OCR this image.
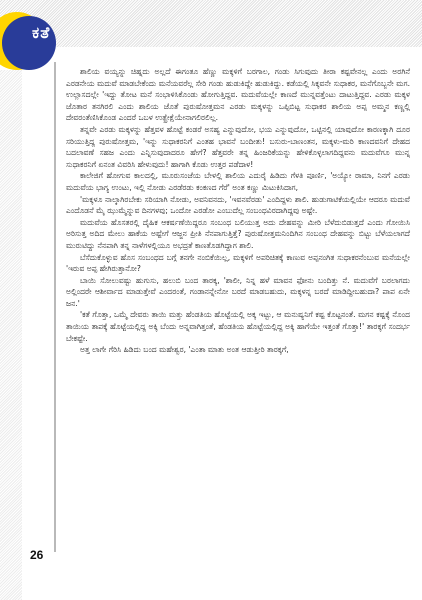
ಕತೆ

ಶಾಲಿಯ ವಯ್ಯನ್ನು ಚಿಹ್ನದು ಅಲ್ಲದೆ ಈಗಂತೂ ಹೆಣ್ಣು ಮಕ್ಕಳಿಗೆ ಬರಗಾಲ, ಗಂಡು ಸಿಗುವುದು ತೀರಾ ಕಷ್ಟವೇನಲ್ಲ ಎಂದು ಅರಗಿನೆ ಎರಡನೇಯ ಮದುವೆ ಮಾಡಬೇಕೆಂದು ಮನೆಯವರೆಲ್ಲ ಸೇರಿ ಗಂಡು ಹುಡುಕಿದ್ದೇ ಹುಡುಕಿದ್ದು. ಕಡೆಯಲ್ಲಿ ಸಿಕ್ಕವನೇ ಸುಧಾಕರ, ಮನೆಗೊಬ್ಬನೇ ಮಗ. ಉಲ್ಲಾಸದಲ್ಲೇ 'ಇದ್ದು ತೋಟ ಮನೆ ಸಂಭಾಳಿಸಿಕೊಂಡು ಹೋಗುತ್ತಿದ್ದವ. ಮದುವೆಯಲ್ಲೇ ಕಾಣದೆ ಮುನ್ನವತ್ತೆಂಟು ದಾಟುತ್ತಿದ್ದವ. ಎರಡು ಮಕ್ಕಳ ಜೊತಾರ ತನಗಿರಲಿ ಎಂದು ಶಾಲಿಯ ಜೊತೆ ಪುರುಷೋತ್ತಮನ ಎರಡು ಮಕ್ಕಳನ್ನು ಒಪ್ಪಿಬಿಟ್ಟ ಸುಧಾಕರ ಶಾಲಿಯ ಅಪ್ಪ ಅಮ್ಮನ ಕಣ್ಣಲ್ಲಿ ದೇವರಂತೆಣಿಸಿಕೊಂಡ ಎಂದರೆ ಒಬಳ ಉತ್ಪ್ರೇಕ್ಷೆಯೇನಾಗಲಿರಲಿಲ್ಲ.

ತನ್ನವೇ ಎರಡು ಮಕ್ಕಳನ್ನು ಹೆತ್ತವಳ ಹೊಟ್ಟೆ ಕಂಡರೆ ಅಸಹ್ಯ ಎನ್ನುವುದೋ, ಭಯ ಎನ್ನುವುದೋ, ಒಟ್ಟಿನಲ್ಲಿ ಯಾವುದೋ ಕಾರಣಕ್ಕಾಗಿ ದೂರ ಸರಿಯುತ್ತಿದ್ದ ಪುರುಷೋತ್ತಮ, 'ಇನ್ನು ಸುಧಾಕರನಿಗೆ ಎಂತಹ ಭಾವನೆ ಬಂದೀತು! ಬಸುರು-ಬಾಣಂತನ, ಮಕ್ಕಳು-ಮರಿ ಕಾಣದವನಿಗೆ ದೇಹದ ಬದಲಾವಣೆ ಸಹಜ ಎಂದು ಎನ್ನಿಸುವುದಾದರೂ ಹೇಗೆ? ಹೆತ್ತವರೇ ತನ್ನ ಹಿಂಜರಿಕೆಯನ್ನು ಹೇಳಿಕೊಳ್ಳಲಾಗದಿದ್ದವನು ಮದುವೆಗೂ ಮುನ್ನ ಸುಧಾಕರನಿಗೆ ಏನಂತ ವಿವರಿಸಿ ಹೇಳುವುದು! ಹಾಗಾಗಿ ಕೊಡು ಉತ್ತರ ಪಡೆದಾಳ!

ಕಾಲೇಜಿಗೆ ಹೋಗುವ ಕಾಲದಲ್ಲಿ, ಮೂರುಸಂಜೆಯ ಬೇಳಲ್ಲಿ ಶಾಲಿಯ ಎದುರೈ ಹಿಡಿದು ಗೆಳತಿ ಪೂರ್ಣಿ, 'ಅಯ್ಯೋ ರಾಮಾ, ನಿನಗೆ ಎರಡು ಮದುವೆಯ ಭಾಗ್ಯ ಉಂಟು, ಇಲ್ಲಿ ನೋಡು ಎರಡೆರಡು ಕಂಕಣದ ಗೆರೆ' ಅಂತ ಕಣ್ಣು ಮಿಟುಕಿಸಿದಾಗ,

'ಮಕ್ಕಳೂ ನಾಲ್ಕಾಗಿರಬೇಕು ಸರಿಯಾಗಿ ನೋಡು, ಅವನಿವನದು, 'ಇವನವೆರಡು' ಎಂದಿದ್ದಳು ಶಾಲಿ. ಹುಡುಗಾಟಿಕೆಯಲ್ಲಿಯೇ ಆದರೂ ಮದುವೆ ಎಂದೊಡನೆ ಮೈ ಝುಮ್ಮೆನ್ನುವ ದಿನಗಳವು; ಒಂದೋ ಎರಡೋ ಎಂಬುದೆಲ್ಲ ಸಂಬಂಧವಿರದಾಗಿದ್ದವು ಅಷ್ಟೇ.

ಮದುವೆಯ ಹೊಸತರಲ್ಲಿ ದೈಹಿಕ ಆಕರ್ಷಣೆಯಿದ್ದರೂ ಸಂಬಂಧ ಬಲಿಯುತ್ತ ಅದು ದೇಹವನ್ನು ಮೀರಿ ಬೆಳೆದುಬಿಡುತ್ತದೆ ಎಂದು ಗೋಯಿಸಿ ಅರಿಸುತ್ತ ಅದಿದ ಮೇಲು ಹಾಕೆಯ ಅಷ್ಟೇಗೆ ಆಜ್ಜನ ಪ್ರೀತಿ ನೆನಪಾಗುತ್ತಿತ್ತೆ? ಪುರುಷೋತ್ತಮನಿಂದಿಗಿನ ಸಂಬಂಧ ದೇಹವನ್ನು ಬಿಟ್ಟು ಬೆಳೆಯಲಾಗದೆ ಮುರುಟಿದ್ದು ನೆನಪಾಗಿ ತನ್ನ ನಾಳೆಗಳಲ್ಲಿಯೂ ಅಭದ್ರತೆ ಕಾಣತೊಡಗಿದ್ದಾಗ ಶಾಲಿ.

ಬೆಸೆದುಕೊಳ್ಳುವ ಹೊಸ ಸಂಬಂಧದ ಬಗ್ಗೆ ತನಗೇ ನಂಬಿಕೆಯಿಲ್ಲ, ಮಕ್ಕಳಿಗೆ ಅಪರಿಚಿತಕ್ಕೆ ಕಾಣುವ ಅಪ್ಪನಂಗಿತ ಸುಧಾಕರನೆಂಬುವ ಮನೆಯಲ್ಲೇ 'ಇರುವ ಅಪ್ಪ ಹೇಗಿರುತ್ತಾನೋ?

ಬಾಯಿ ಸೋಲುವಷ್ಟು ಹುಗುಸು, ಹಲುಬಿ ಬಂದ ತಾರಕ್ಕ, 'ಶಾಲೀ, ನಿನ್ನ ಹಳೆ ಮಾವನ ಫೋನು ಬಂದಿತ್ತು ನೆ. ಮದುವೆಗೆ ಬರಲಾಗದು ಅಲ್ಲಿಂದರೇ ಆಶೀರ್ವಾದ ಮಾಡುತ್ತೇವೆ ಎಂದರಂತೆ, ಗಂಡಾನನ್ನೇನೋ ಬರದೆ ಮಾಡಬಹುದು, ಮಕ್ಕಳನ್ನ ಬರದೆ ಮಾಡಿದ್ದೀಬಹುದಾ? ಪಾಪ ಏನೇ ಜನ.'

'ಕತೆ ಗೊತ್ತಾ, ಒಮ್ಮೆ ದೇವರು ತಾಯಿ ಮತ್ತು ಹೆಂಡತಿಯ ಹೊಟ್ಟೆಯಲ್ಲಿ ಅಕ್ಕ ಇಟ್ಟು, ಆ ಮನುಷ್ಯನಿಗೆ ಕಷ್ಟ ಕೊಟ್ಟನಂತೆ. ಮಗನ ಕಷ್ಟಕ್ಕೆ ನೊಂದ ತಾಯಿಯ ತಾಪಕ್ಕೆ ಹೊಟ್ಟೆಯಲ್ಲಿದ್ದ ಅಕ್ಕಿ ಬೆಂದು ಅನ್ನವಾಗಿತ್ತಂತೆ, ಹೆಂಡತಿಯ ಹೊಟ್ಟೆಯಲ್ಲಿದ್ದ ಅಕ್ಕಿ ಹಾಗೆಯೇ ಇತ್ತಂತೆ ಗೊತ್ತಾ!' ತಾರಕ್ಕಗೆ ಸಂದರ್ಭ ಬೇಕಷ್ಟೇ.

ಅತ್ತ ಲಾಗೇ ಗೆರಿಸಿ ಹಿಡಿದು ಬಂದ ಮಹೇಶ್ವರ, 'ಎಂತಾ ಮಾತು ಅಂತ ಆಡುತ್ತೀರಿ ತಾರಕ್ಕಗೆ,

26
